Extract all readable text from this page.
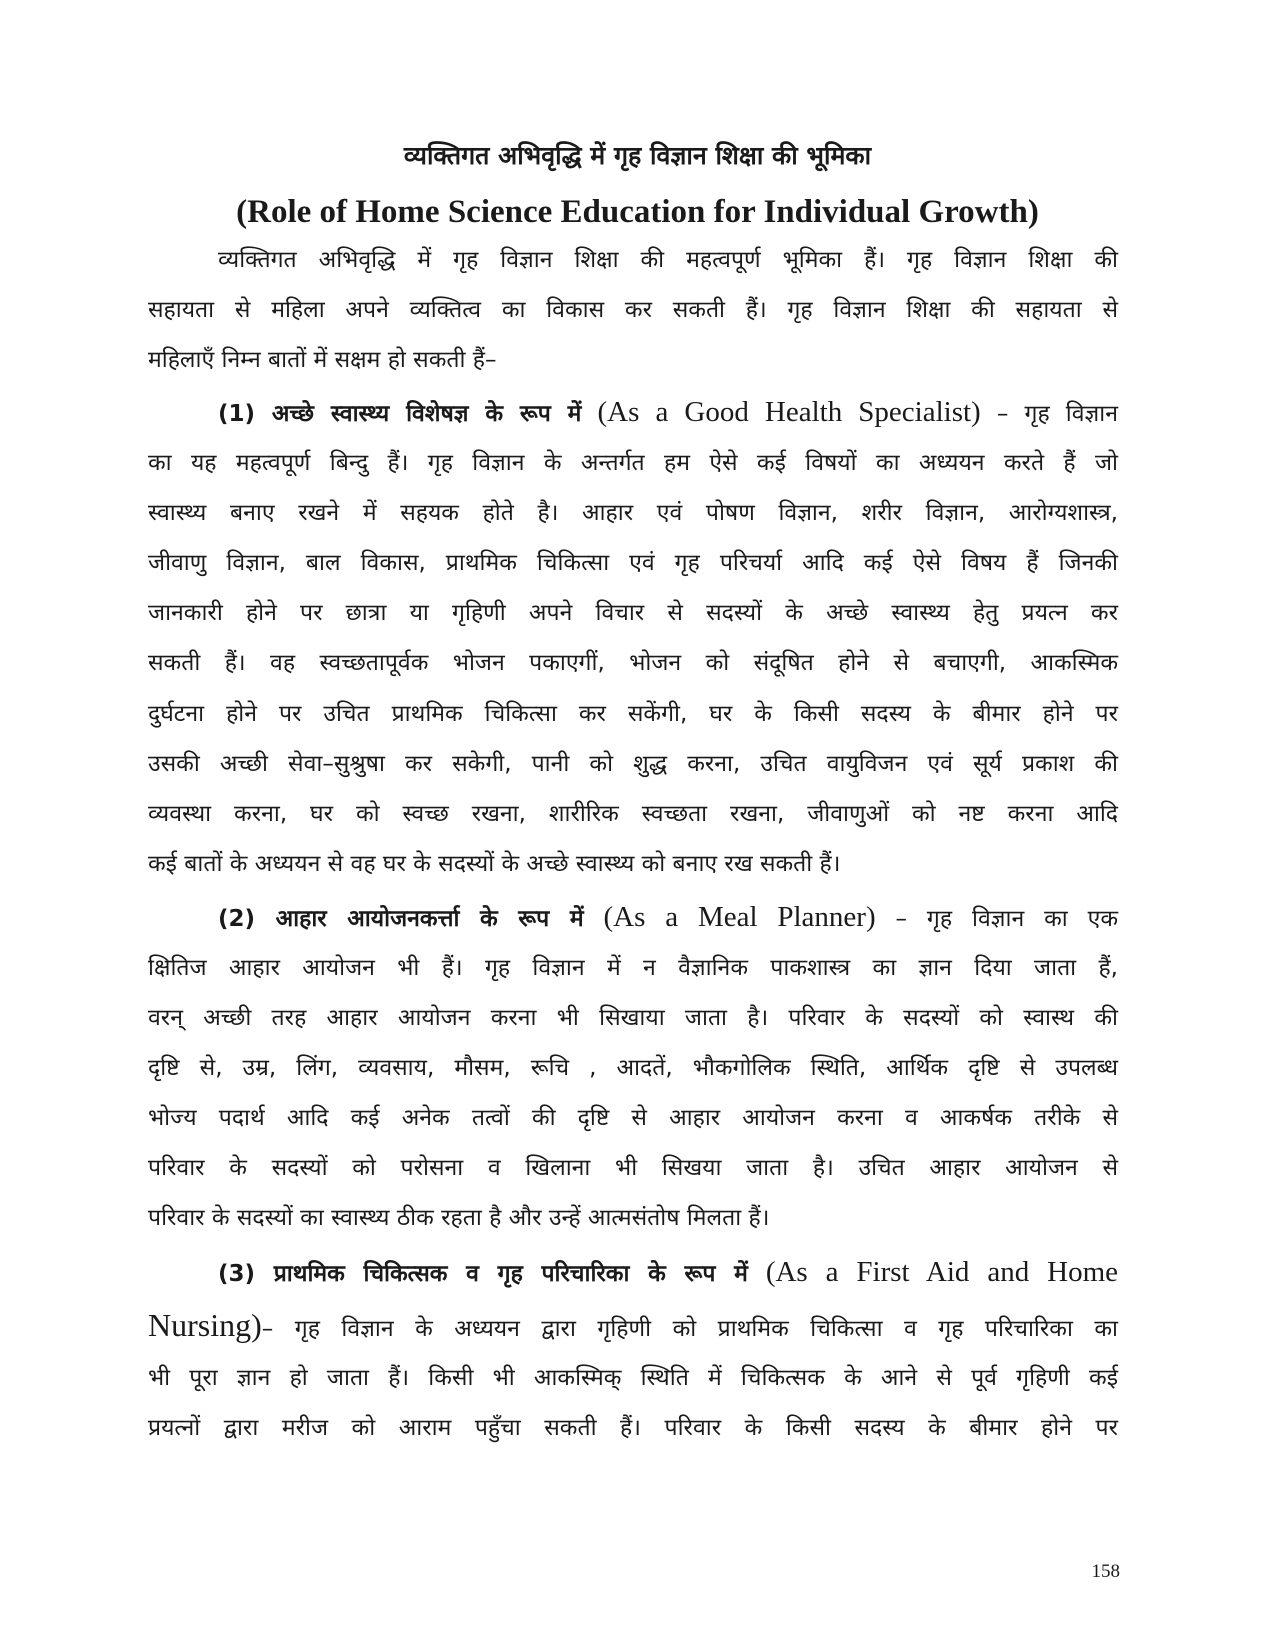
व्यक्तिगत अभिवृद्धि में गृह विज्ञान शिक्षा की भूमिका
(Role of Home Science Education for Individual Growth)
व्यक्तिगत अभिवृद्धि में गृह विज्ञान शिक्षा की महत्वपूर्ण भूमिका हैं। गृह विज्ञान शिक्षा की
सहायता से महिला अपने व्यक्तित्व का विकास कर सकती हैं। गृह विज्ञान शिक्षा की सहायता से
महिलाएँ निम्न बातों में सक्षम हो सकती हैं–
(1) अच्छे स्वास्थ्य विशेषज्ञ के रूप में (As a Good Health Specialist) – गृह विज्ञान
का यह महत्वपूर्ण बिन्दु हैं। गृह विज्ञान के अन्तर्गत हम ऐसे कई विषयों का अध्ययन करते हैं जो
स्वास्थ्य बनाए रखने में सहयक होते है। आहार एवं पोषण विज्ञान, शरीर विज्ञान, आरोग्यशास्त्र,
जीवाणु विज्ञान, बाल विकास, प्राथमिक चिकित्सा एवं गृह परिचर्या आदि कई ऐसे विषय हैं जिनकी
जानकारी होने पर छात्रा या गृहिणी अपने विचार से सदस्यों के अच्छे स्वास्थ्य हेतु प्रयत्न कर
सकती हैं। वह स्वच्छतापूर्वक भोजन पकाएगीं, भोजन को संदूषित होने से बचाएगी, आकस्मिक
दुर्घटना होने पर उचित प्राथमिक चिकित्सा कर सकेंगी, घर के किसी सदस्य के बीमार होने पर
उसकी अच्छी सेवा–सुश्रुषा कर सकेगी, पानी को शुद्ध करना, उचित वायुविजन एवं सूर्य प्रकाश की
व्यवस्था करना, घर को स्वच्छ रखना, शारीरिक स्वच्छता रखना, जीवाणुओं को नष्ट करना आदि
कई बातों के अध्ययन से वह घर के सदस्यों के अच्छे स्वास्थ्य को बनाए रख सकती हैं।
(2) आहार आयोजनकर्त्ता के रूप में (As a Meal Planner) – गृह विज्ञान का एक
क्षितिज आहार आयोजन भी हैं। गृह विज्ञान में न वैज्ञानिक पाकशास्त्र का ज्ञान दिया जाता हैं,
वरन् अच्छी तरह आहार आयोजन करना भी सिखाया जाता है। परिवार के सदस्यों को स्वास्थ की
दृष्टि से, उम्र, लिंग, व्यवसाय, मौसम, रूचि , आदतें, भौकगोलिक स्थिति, आर्थिक दृष्टि से उपलब्ध
भोज्य पदार्थ आदि कई अनेक तत्वों की दृष्टि से आहार आयोजन करना व आकर्षक तरीके से
परिवार के सदस्यों को परोसना व खिलाना भी सिखया जाता है। उचित आहार आयोजन से
परिवार के सदस्यों का स्वास्थ्य ठीक रहता है और उन्हें आत्मसंतोष मिलता हैं।
(3) प्राथमिक चिकित्सक व गृह परिचारिका के रूप में (As a First Aid and Home
Nursing)– गृह विज्ञान के अध्ययन द्वारा गृहिणी को प्राथमिक चिकित्सा व गृह परिचारिका का
भी पूरा ज्ञान हो जाता हैं। किसी भी आकस्मिक् स्थिति में चिकित्सक के आने से पूर्व गृहिणी कई
प्रयत्नों द्वारा मरीज को आराम पहुँचा सकती हैं। परिवार के किसी सदस्य के बीमार होने पर
158
